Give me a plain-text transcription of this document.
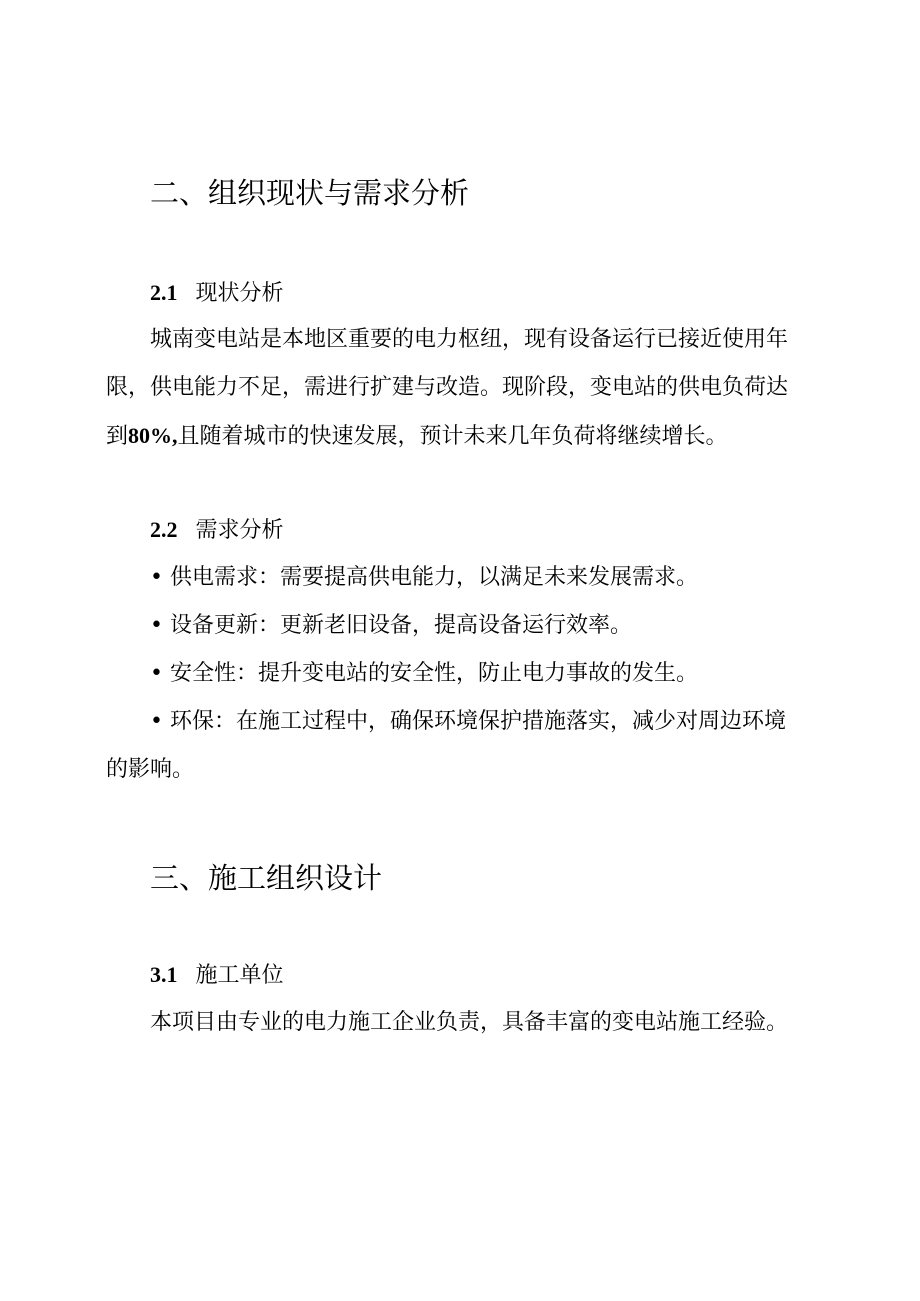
二、组织现状与需求分析
2.1 现状分析

城南变电站是本地区重要的电力枢纽，现有设备运行已接近使用年

限，供电能力不足，需进行扩建与改造。现阶段，变电站的供电负荷达

到80%,且随着城市的快速发展，预计未来几年负荷将继续增长。

2.2 需求分析

• 供电需求：需要提高供电能力，以满足未来发展需求。

• 设备更新：更新老旧设备，提高设备运行效率。

• 安全性：提升变电站的安全性，防止电力事故的发生。

• 环保：在施工过程中，确保环境保护措施落实，减少对周边环境

的影响。

三、施工组织设计
3.1 施工单位

本项目由专业的电力施工企业负责，具备丰富的变电站施工经验。
